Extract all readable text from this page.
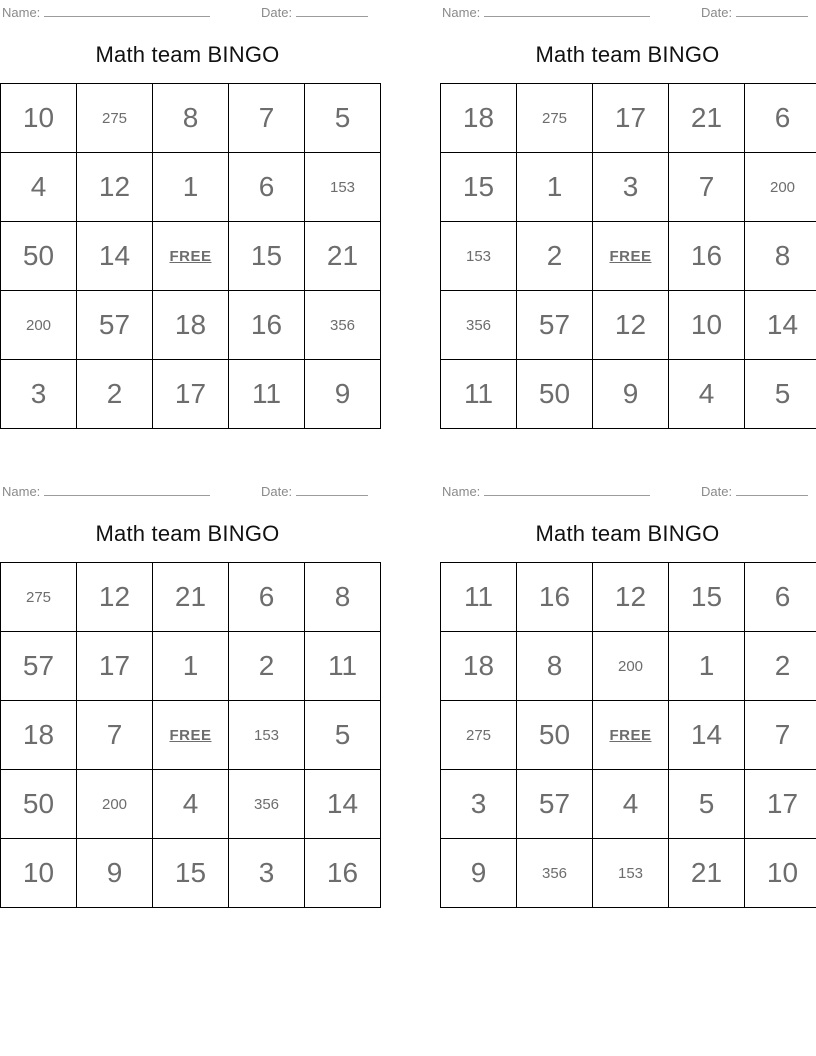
Name:	Date:
Math team BINGO
10	275	8	7	5
4	12	1	6	153
50	14	FREE	15	21
200	57	18	16	356
3	2	17	11	9
Name:	Date:
Math team BINGO
18	275	17	21	6
15	1	3	7	200
153	2	FREE	16	8
356	57	12	10	14
11	50	9	4	5
Name:	Date:
Math team BINGO
275	12	21	6	8
57	17	1	2	11
18	7	FREE	153	5
50	200	4	356	14
10	9	15	3	16
Name:	Date:
Math team BINGO
11	16	12	15	6
18	8	200	1	2
275	50	FREE	14	7
3	57	4	5	17
9	356	153	21	10
